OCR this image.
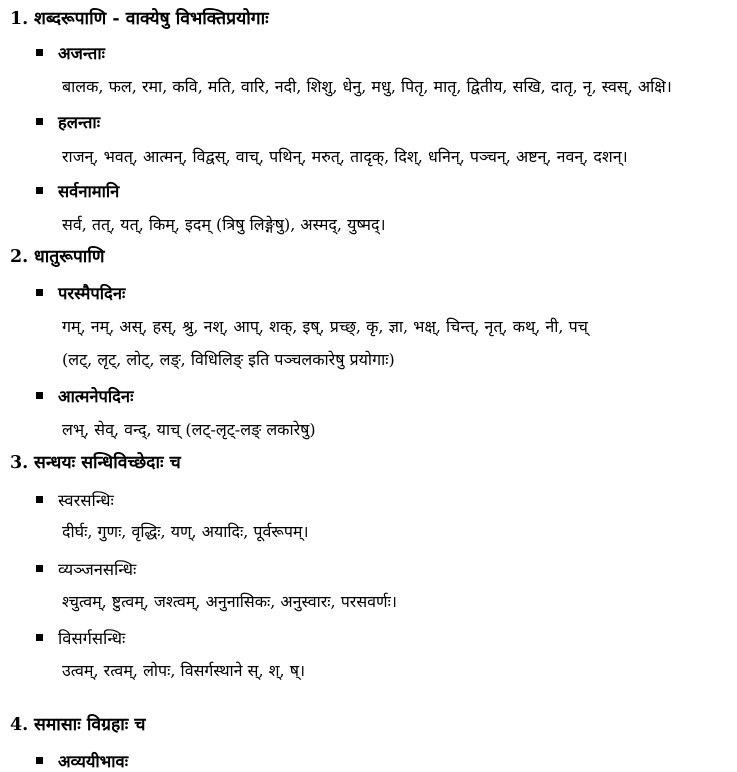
1. शब्दरूपाणि - वाक्येषु विभक्तिप्रयोगाः
अजन्ताः
बालक, फल, रमा, कवि, मति, वारि, नदी, शिशु, धेनु, मधु, पितृ, मातृ, द्वितीय, सखि, दातृ, नृ, स्वस्, अक्षि।
हलन्ताः
राजन्, भवत्, आत्मन्, विद्वस्, वाच्, पथिन्, मरुत्, तादृक्, दिश्, धनिन्, पञ्चन्, अष्टन्, नवन्, दशन्।
सर्वनामानि
सर्व, तत्, यत्, किम्, इदम् (त्रिषु लिङ्गेषु), अस्मद्, युष्मद्।
2. धातुरूपाणि
परस्मैपदिनः
गम्, नम्, अस्, हस्, श्रु, नश्, आप्, शक्, इष्, प्रच्छ्, कृ, ज्ञा, भक्ष्, चिन्त्, नृत्, कथ्, नी, पच्
(लट्, लृट्, लोट्, लङ्, विधिलिङ् इति पञ्चलकारेषु प्रयोगाः)
आत्मनेपदिनः
लभ्, सेव्, वन्द्, याच् (लट्-लृट्-लङ् लकारेषु)
3. सन्धयः सन्धिविच्छेदाः च
स्वरसन्धिः
दीर्घः, गुणः, वृद्धिः, यण्, अयादिः, पूर्वरूपम्।
व्यञ्जनसन्धिः
श्चुत्वम्, ष्टुत्वम्, जश्त्वम्, अनुनासिकः, अनुस्वारः, परसवर्णः।
विसर्गसन्धिः
उत्वम्, रत्वम्, लोपः, विसर्गस्थाने स्, श्, ष्।
4. समासाः विग्रहाः च
अव्ययीभावः
